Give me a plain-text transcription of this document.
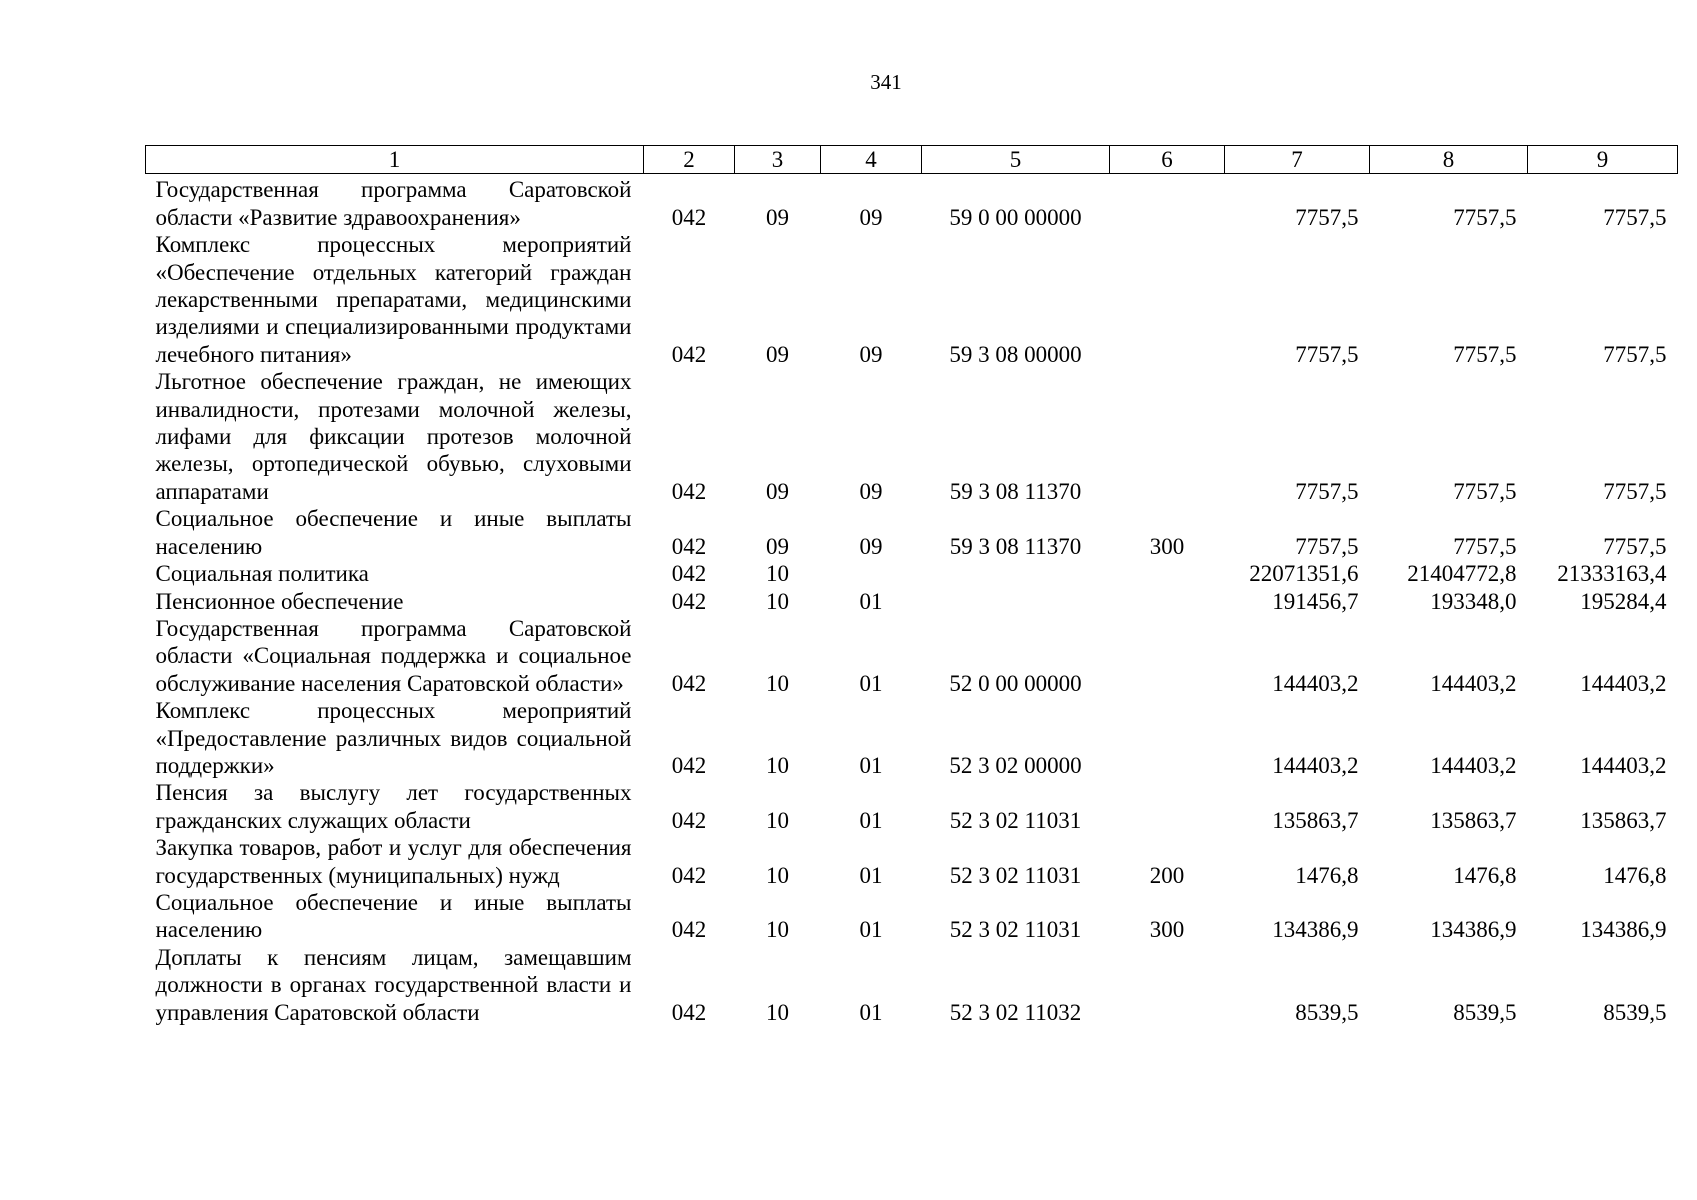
341
1	2	3	4	5	6	7	8	9
Государственная программа Саратовской области «Развитие здравоохранения»	042	09	09	59 0 00 00000		7757,5	7757,5	7757,5
Комплекс процессных мероприятий «Обеспечение отдельных категорий граждан лекарственными препаратами, медицинскими изделиями и специализированными продуктами лечебного питания»	042	09	09	59 3 08 00000		7757,5	7757,5	7757,5
Льготное обеспечение граждан, не имеющих инвалидности, протезами молочной железы, лифами для фиксации протезов молочной железы, ортопедической обувью, слуховыми аппаратами	042	09	09	59 3 08 11370		7757,5	7757,5	7757,5
Социальное обеспечение и иные выплаты населению	042	09	09	59 3 08 11370	300	7757,5	7757,5	7757,5
Социальная политика	042	10				22071351,6	21404772,8	21333163,4
Пенсионное обеспечение	042	10	01			191456,7	193348,0	195284,4
Государственная программа Саратовской области «Социальная поддержка и социальное обслуживание населения Саратовской области»	042	10	01	52 0 00 00000		144403,2	144403,2	144403,2
Комплекс процессных мероприятий «Предоставление различных видов социальной поддержки»	042	10	01	52 3 02 00000		144403,2	144403,2	144403,2
Пенсия за выслугу лет государственных гражданских служащих области	042	10	01	52 3 02 11031		135863,7	135863,7	135863,7
Закупка товаров, работ и услуг для обеспечения государственных (муниципальных) нужд	042	10	01	52 3 02 11031	200	1476,8	1476,8	1476,8
Социальное обеспечение и иные выплаты населению	042	10	01	52 3 02 11031	300	134386,9	134386,9	134386,9
Доплаты к пенсиям лицам, замещавшим должности в органах государственной власти и управления Саратовской области	042	10	01	52 3 02 11032		8539,5	8539,5	8539,5
